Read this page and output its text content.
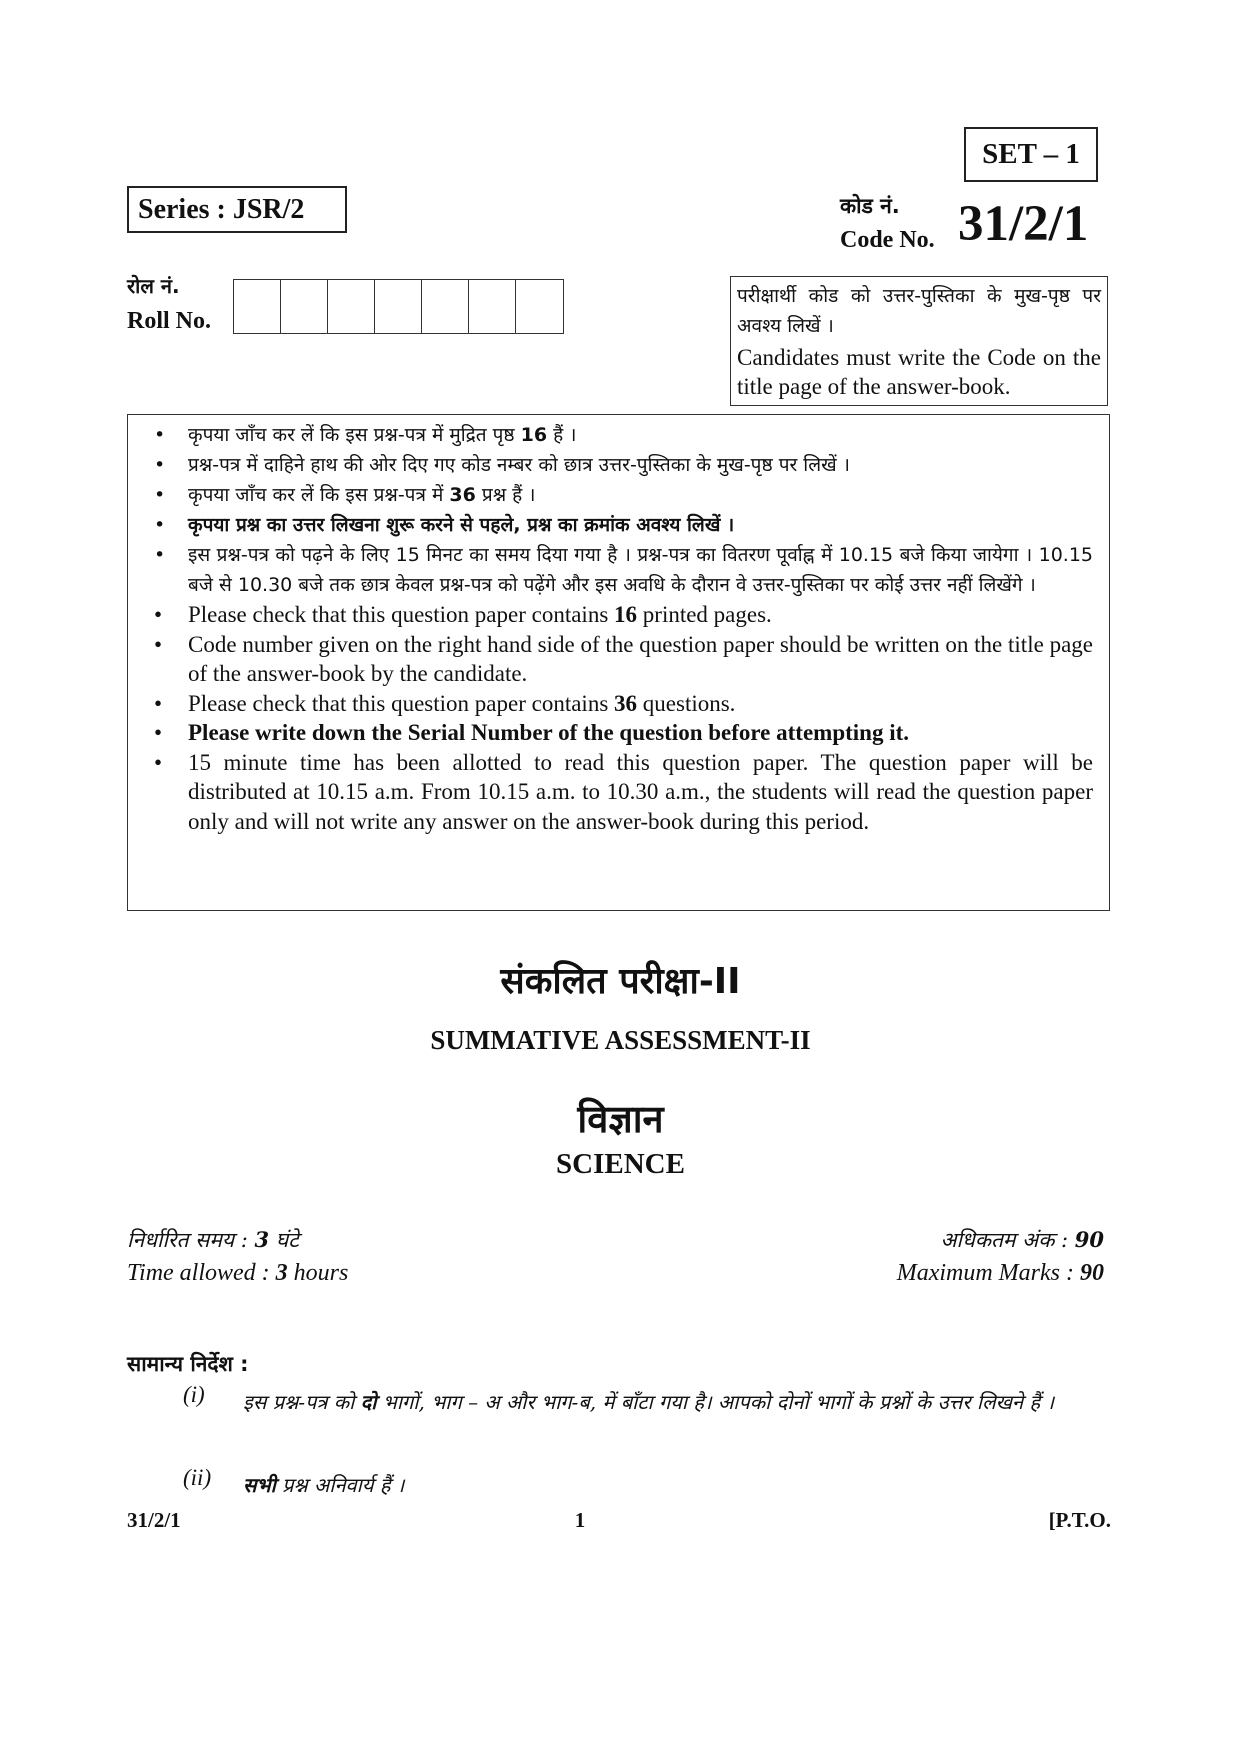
SET – 1
Series : JSR/2	कोड नं.
Code No. 31/2/1
रोल नं.
Roll No.
परीक्षार्थी कोड को उत्तर-पुस्तिका के मुख-पृष्ठ पर अवश्य लिखें ।
Candidates must write the Code on the title page of the answer-book.
• कृपया जाँच कर लें कि इस प्रश्न-पत्र में मुद्रित पृष्ठ 16 हैं ।
• प्रश्न-पत्र में दाहिने हाथ की ओर दिए गए कोड नम्बर को छात्र उत्तर-पुस्तिका के मुख-पृष्ठ पर लिखें ।
• कृपया जाँच कर लें कि इस प्रश्न-पत्र में 36 प्रश्न हैं ।
• कृपया प्रश्न का उत्तर लिखना शुरू करने से पहले, प्रश्न का क्रमांक अवश्य लिखें ।
• इस प्रश्न-पत्र को पढ़ने के लिए 15 मिनट का समय दिया गया है । प्रश्न-पत्र का वितरण पूर्वाह्न में 10.15 बजे किया जायेगा । 10.15 बजे से 10.30 बजे तक छात्र केवल प्रश्न-पत्र को पढ़ेंगे और इस अवधि के दौरान वे उत्तर-पुस्तिका पर कोई उत्तर नहीं लिखेंगे ।
• Please check that this question paper contains 16 printed pages.
• Code number given on the right hand side of the question paper should be written on the title page of the answer-book by the candidate.
• Please check that this question paper contains 36 questions.
• Please write down the Serial Number of the question before attempting it.
• 15 minute time has been allotted to read this question paper. The question paper will be distributed at 10.15 a.m. From 10.15 a.m. to 10.30 a.m., the students will read the question paper only and will not write any answer on the answer-book during this period.
संकलित परीक्षा-II
SUMMATIVE ASSESSMENT-II
विज्ञान
SCIENCE
निर्धारित समय : 3 घंटे
Time allowed : 3 hours
अधिकतम अंक : 90
Maximum Marks : 90
सामान्य निर्देश :
(i) इस प्रश्न-पत्र को दो भागों, भाग – अ और भाग-ब, में बाँटा गया है। आपको दोनों भागों के प्रश्नों के उत्तर लिखने हैं ।
(ii) सभी प्रश्न अनिवार्य हैं ।
31/2/1	1	[P.T.O.
